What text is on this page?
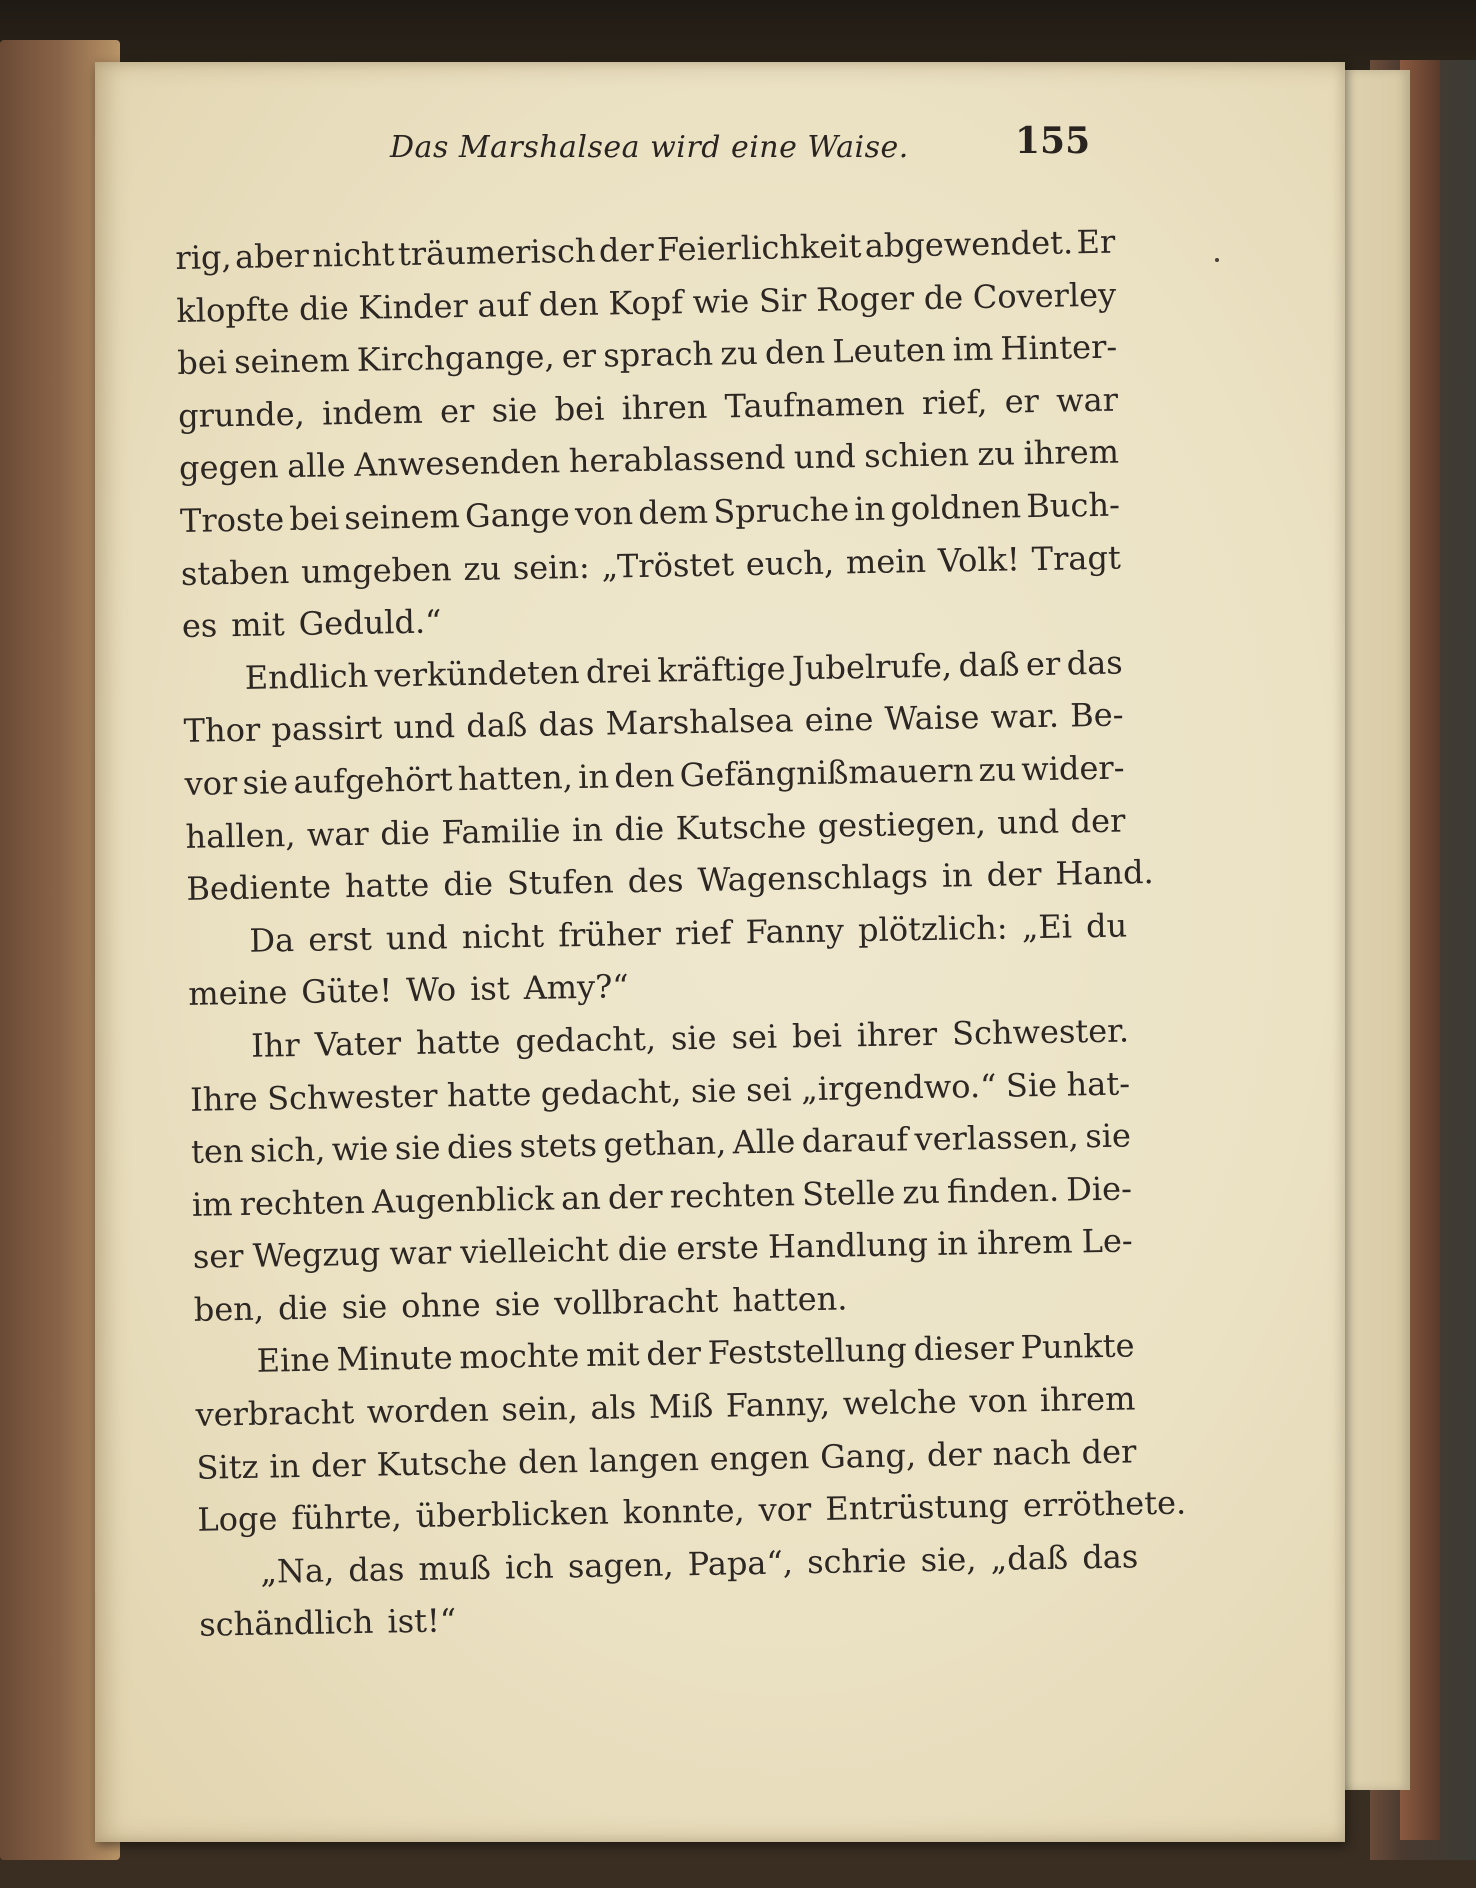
Das Marshalsea wird eine Waise.	155
rig, aber nicht träumerisch der Feierlichkeit abgewendet. Er
klopfte die Kinder auf den Kopf wie Sir Roger de Coverley
bei seinem Kirchgange, er sprach zu den Leuten im Hinter-
grunde, indem er sie bei ihren Taufnamen rief, er war
gegen alle Anwesenden herablassend und schien zu ihrem
Troste bei seinem Gange von dem Spruche in goldnen Buch-
staben umgeben zu sein: „Tröstet euch, mein Volk! Tragt
es mit Geduld.“
Endlich verkündeten drei kräftige Jubelrufe, daß er das
Thor passirt und daß das Marshalsea eine Waise war. Be-
vor sie aufgehört hatten, in den Gefängnißmauern zu wider-
hallen, war die Familie in die Kutsche gestiegen, und der
Bediente hatte die Stufen des Wagenschlags in der Hand.
Da erst und nicht früher rief Fanny plötzlich: „Ei du
meine Güte! Wo ist Amy?“
Ihr Vater hatte gedacht, sie sei bei ihrer Schwester.
Ihre Schwester hatte gedacht, sie sei „irgendwo.“ Sie hat-
ten sich, wie sie dies stets gethan, Alle darauf verlassen, sie
im rechten Augenblick an der rechten Stelle zu finden. Die-
ser Wegzug war vielleicht die erste Handlung in ihrem Le-
ben, die sie ohne sie vollbracht hatten.
Eine Minute mochte mit der Feststellung dieser Punkte
verbracht worden sein, als Miß Fanny, welche von ihrem
Sitz in der Kutsche den langen engen Gang, der nach der
Loge führte, überblicken konnte, vor Entrüstung erröthete.
„Na, das muß ich sagen, Papa“, schrie sie, „daß das
schändlich ist!“
